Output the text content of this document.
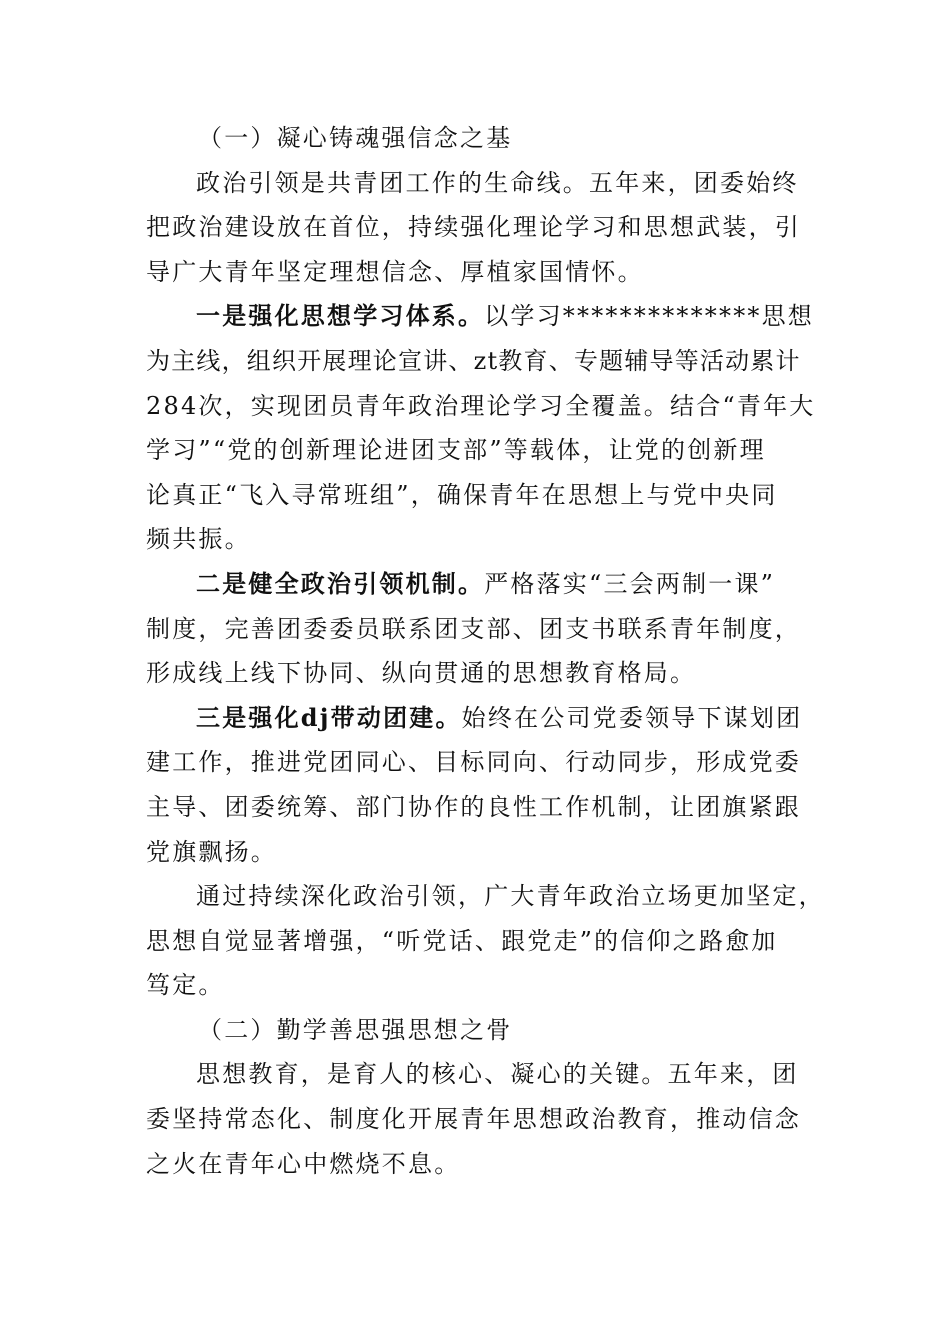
（一）凝心铸魂强信念之基
政治引领是共青团工作的生命线。五年来，团委始终
把政治建设放在首位，持续强化理论学习和思想武装，引
导广大青年坚定理想信念、厚植家国情怀。
一是强化思想学习体系。以学习**************思想
为主线，组织开展理论宣讲、zt教育、专题辅导等活动累计
284次，实现团员青年政治理论学习全覆盖。结合“青年大
学习”“党的创新理论进团支部”等载体，让党的创新理
论真正“飞入寻常班组”，确保青年在思想上与党中央同
频共振。
二是健全政治引领机制。严格落实“三会两制一课”
制度，完善团委委员联系团支部、团支书联系青年制度，
形成线上线下协同、纵向贯通的思想教育格局。
三是强化dj带动团建。始终在公司党委领导下谋划团
建工作，推进党团同心、目标同向、行动同步，形成党委
主导、团委统筹、部门协作的良性工作机制，让团旗紧跟
党旗飘扬。
通过持续深化政治引领，广大青年政治立场更加坚定，
思想自觉显著增强，“听党话、跟党走”的信仰之路愈加
笃定。
（二）勤学善思强思想之骨
思想教育，是育人的核心、凝心的关键。五年来，团
委坚持常态化、制度化开展青年思想政治教育，推动信念
之火在青年心中燃烧不息。
